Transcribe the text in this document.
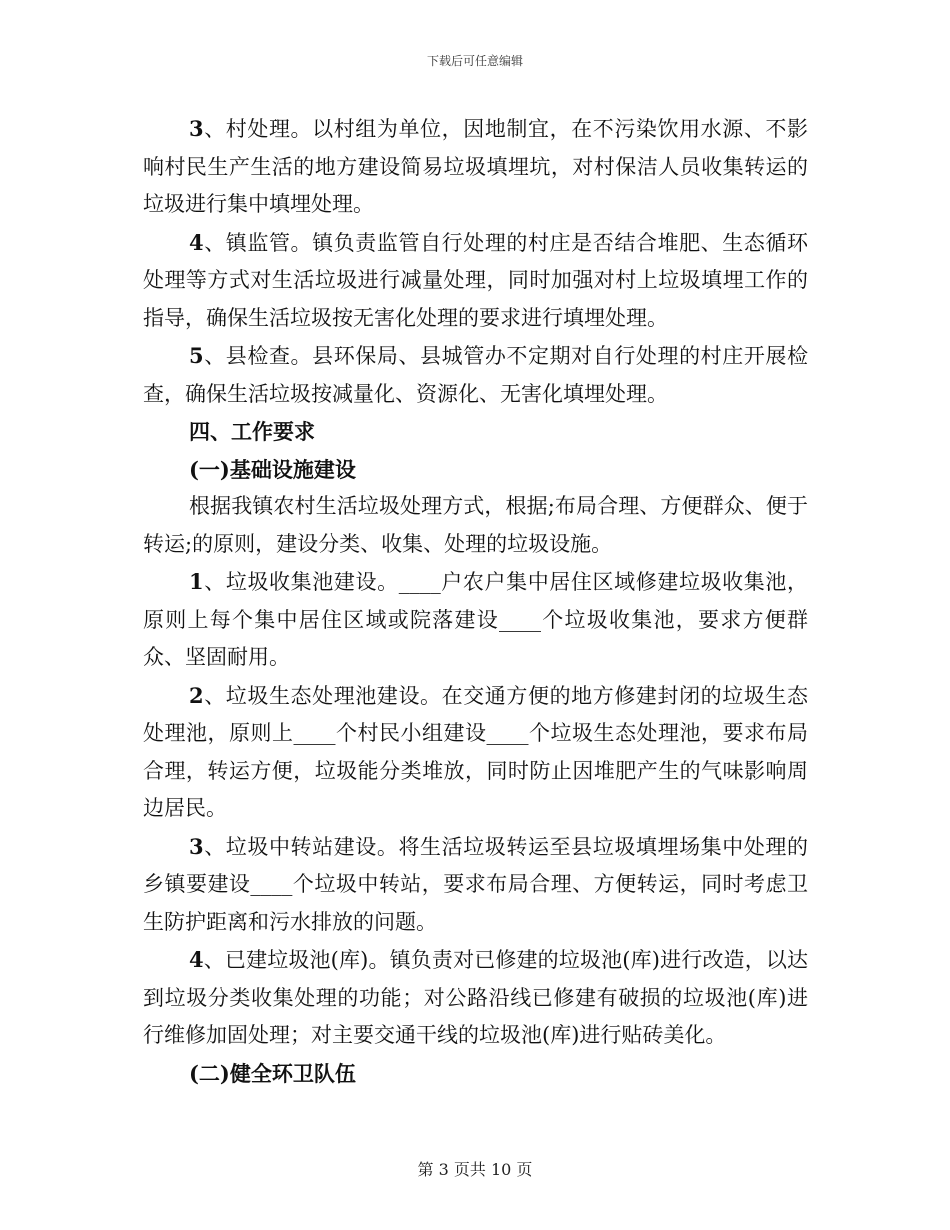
下载后可任意编辑

3、村处理。以村组为单位，因地制宜，在不污染饮用水源、不影响村民生产生活的地方建设简易垃圾填埋坑，对村保洁人员收集转运的垃圾进行集中填埋处理。

4、镇监管。镇负责监管自行处理的村庄是否结合堆肥、生态循环处理等方式对生活垃圾进行减量处理，同时加强对村上垃圾填埋工作的指导，确保生活垃圾按无害化处理的要求进行填埋处理。

5、县检查。县环保局、县城管办不定期对自行处理的村庄开展检查，确保生活垃圾按减量化、资源化、无害化填埋处理。

四、工作要求

(一)基础设施建设

根据我镇农村生活垃圾处理方式，根据;布局合理、方便群众、便于转运;的原则，建设分类、收集、处理的垃圾设施。

1、垃圾收集池建设。____户农户集中居住区域修建垃圾收集池，原则上每个集中居住区域或院落建设____个垃圾收集池，要求方便群众、坚固耐用。

2、垃圾生态处理池建设。在交通方便的地方修建封闭的垃圾生态处理池，原则上____个村民小组建设____个垃圾生态处理池，要求布局合理，转运方便，垃圾能分类堆放，同时防止因堆肥产生的气味影响周边居民。

3、垃圾中转站建设。将生活垃圾转运至县垃圾填埋场集中处理的乡镇要建设____个垃圾中转站，要求布局合理、方便转运，同时考虑卫生防护距离和污水排放的问题。

4、已建垃圾池(库)。镇负责对已修建的垃圾池(库)进行改造，以达到垃圾分类收集处理的功能；对公路沿线已修建有破损的垃圾池(库)进行维修加固处理；对主要交通干线的垃圾池(库)进行贴砖美化。

(二)健全环卫队伍

第 3 页共 10 页
